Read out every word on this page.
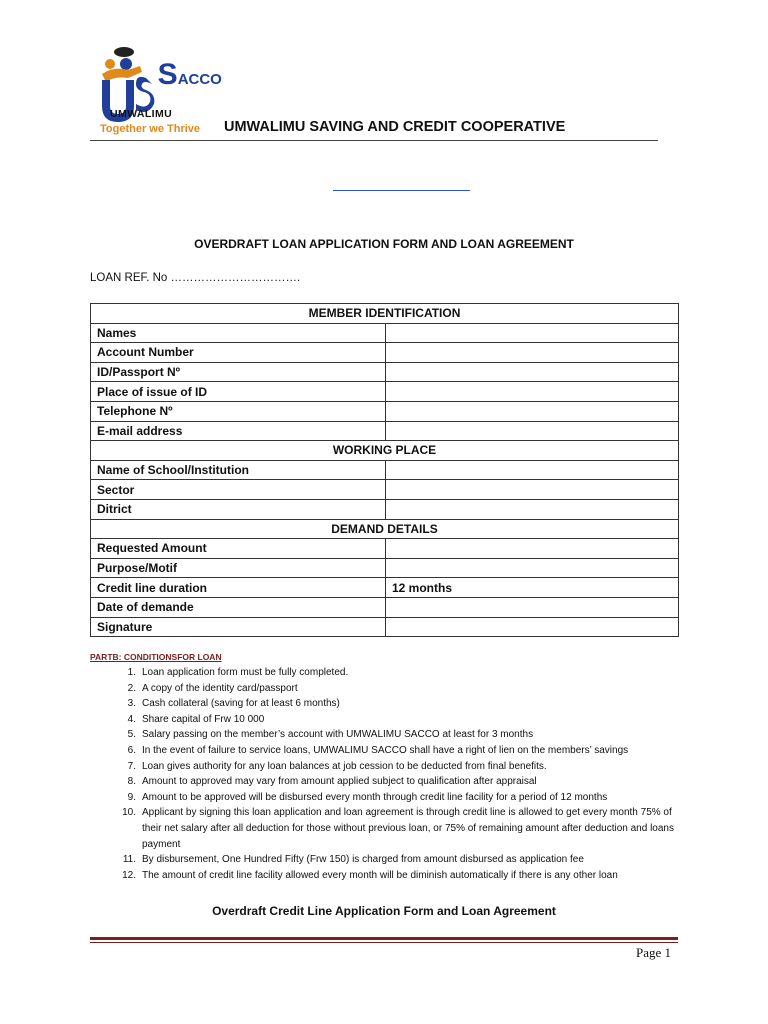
SACCO
UMWALIMU
Together we Thrive UMWALIMU SAVING AND CREDIT COOPERATIVE
OVERDRAFT LOAN APPLICATION FORM AND LOAN AGREEMENT
LOAN REF. No …………………………….
MEMBER IDENTIFICATION	
Names	
Account Number	
ID/Passport Nº	
Place of issue of ID	
Telephone Nº	
E-mail address	
WORKING PLACE	
Name of School/Institution	
Sector	
Ditrict	
DEMAND DETAILS	
Requested Amount	
Purpose/Motif	
Credit line duration	12 months
Date of demande	
Signature	
PARTB: CONDITIONSFOR LOAN
1. Loan application form must be fully completed.
2. A copy of the identity card/passport
3. Cash collateral (saving for at least 6 months)
4. Share capital of Frw 10 000
5. Salary passing on the member’s account with UMWALIMU SACCO at least for 3 months
6. In the event of failure to service loans, UMWALIMU SACCO shall have a right of lien on the members’ savings
7. Loan gives authority for any loan balances at job cession to be deducted from final benefits.
8. Amount to approved may vary from amount applied subject to qualification after appraisal
9. Amount to be approved will be disbursed every month through credit line facility for a period of 12 months
10. Applicant by signing this loan application and loan agreement is through credit line is allowed to get every month 75% of their net salary after all deduction for those without previous loan, or 75% of remaining amount after deduction and loans payment
11. By disbursement, One Hundred Fifty (Frw 150) is charged from amount disbursed as application fee
12. The amount of credit line facility allowed every month will be diminish automatically if there is any other loan
Overdraft Credit Line Application Form and Loan Agreement
Page 1
